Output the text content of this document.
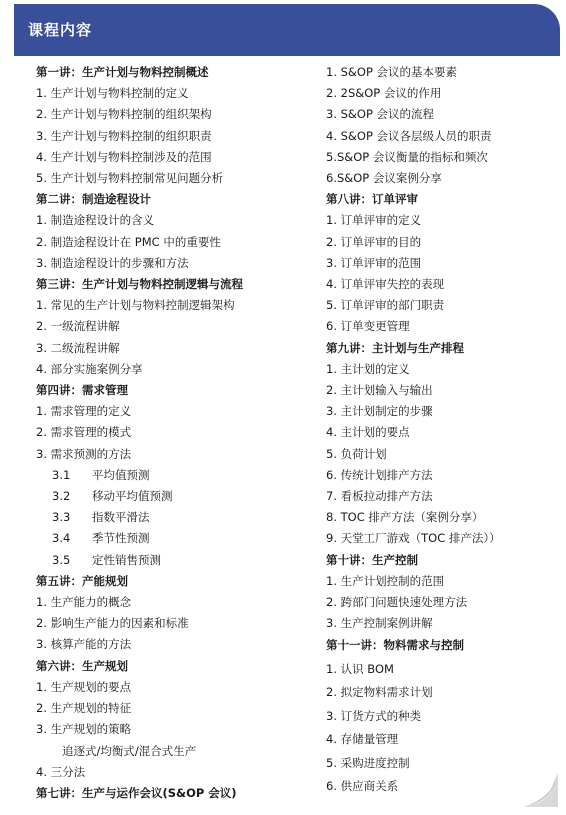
课程内容
第一讲：生产计划与物料控制概述
1. 生产计划与物料控制的定义
2. 生产计划与物料控制的组织架构
3. 生产计划与物料控制的组织职责
4. 生产计划与物料控制涉及的范围
5. 生产计划与物料控制常见问题分析
第二讲：制造途程设计
1. 制造途程设计的含义
2. 制造途程设计在 PMC 中的重要性
3. 制造途程设计的步骤和方法
第三讲：生产计划与物料控制逻辑与流程
1. 常见的生产计划与物料控制逻辑架构
2. 一级流程讲解
3. 二级流程讲解
4. 部分实施案例分享
第四讲：需求管理
1. 需求管理的定义
2. 需求管理的模式
3. 需求预测的方法
3.1 平均值预测
3.2 移动平均值预测
3.3 指数平滑法
3.4 季节性预测
3.5 定性销售预测
第五讲：产能规划
1. 生产能力的概念
2. 影响生产能力的因素和标准
3. 核算产能的方法
第六讲：生产规划
1. 生产规划的要点
2. 生产规划的特征
3. 生产规划的策略
追逐式/均衡式/混合式生产
4. 三分法
第七讲：生产与运作会议(S&OP 会议)
1. S&OP 会议的基本要素
2. 2S&OP 会议的作用
3. S&OP 会议的流程
4. S&OP 会议各层级人员的职责
5.S&OP 会议衡量的指标和频次
6.S&OP 会议案例分享
第八讲：订单评审
1. 订单评审的定义
2. 订单评审的目的
3. 订单评审的范围
4. 订单评审失控的表现
5. 订单评审的部门职责
6. 订单变更管理
第九讲：主计划与生产排程
1. 主计划的定义
2. 主计划输入与输出
3. 主计划制定的步骤
4. 主计划的要点
5. 负荷计划
6. 传统计划排产方法
7. 看板拉动排产方法
8. TOC 排产方法（案例分享）
9. 天堂工厂游戏（TOC 排产法））
第十讲：生产控制
1. 生产计划控制的范围
2. 跨部门问题快速处理方法
3. 生产控制案例讲解
第十一讲：物料需求与控制
1. 认识 BOM
2. 拟定物料需求计划
3. 订货方式的种类
4. 存储量管理
5. 采购进度控制
6. 供应商关系
